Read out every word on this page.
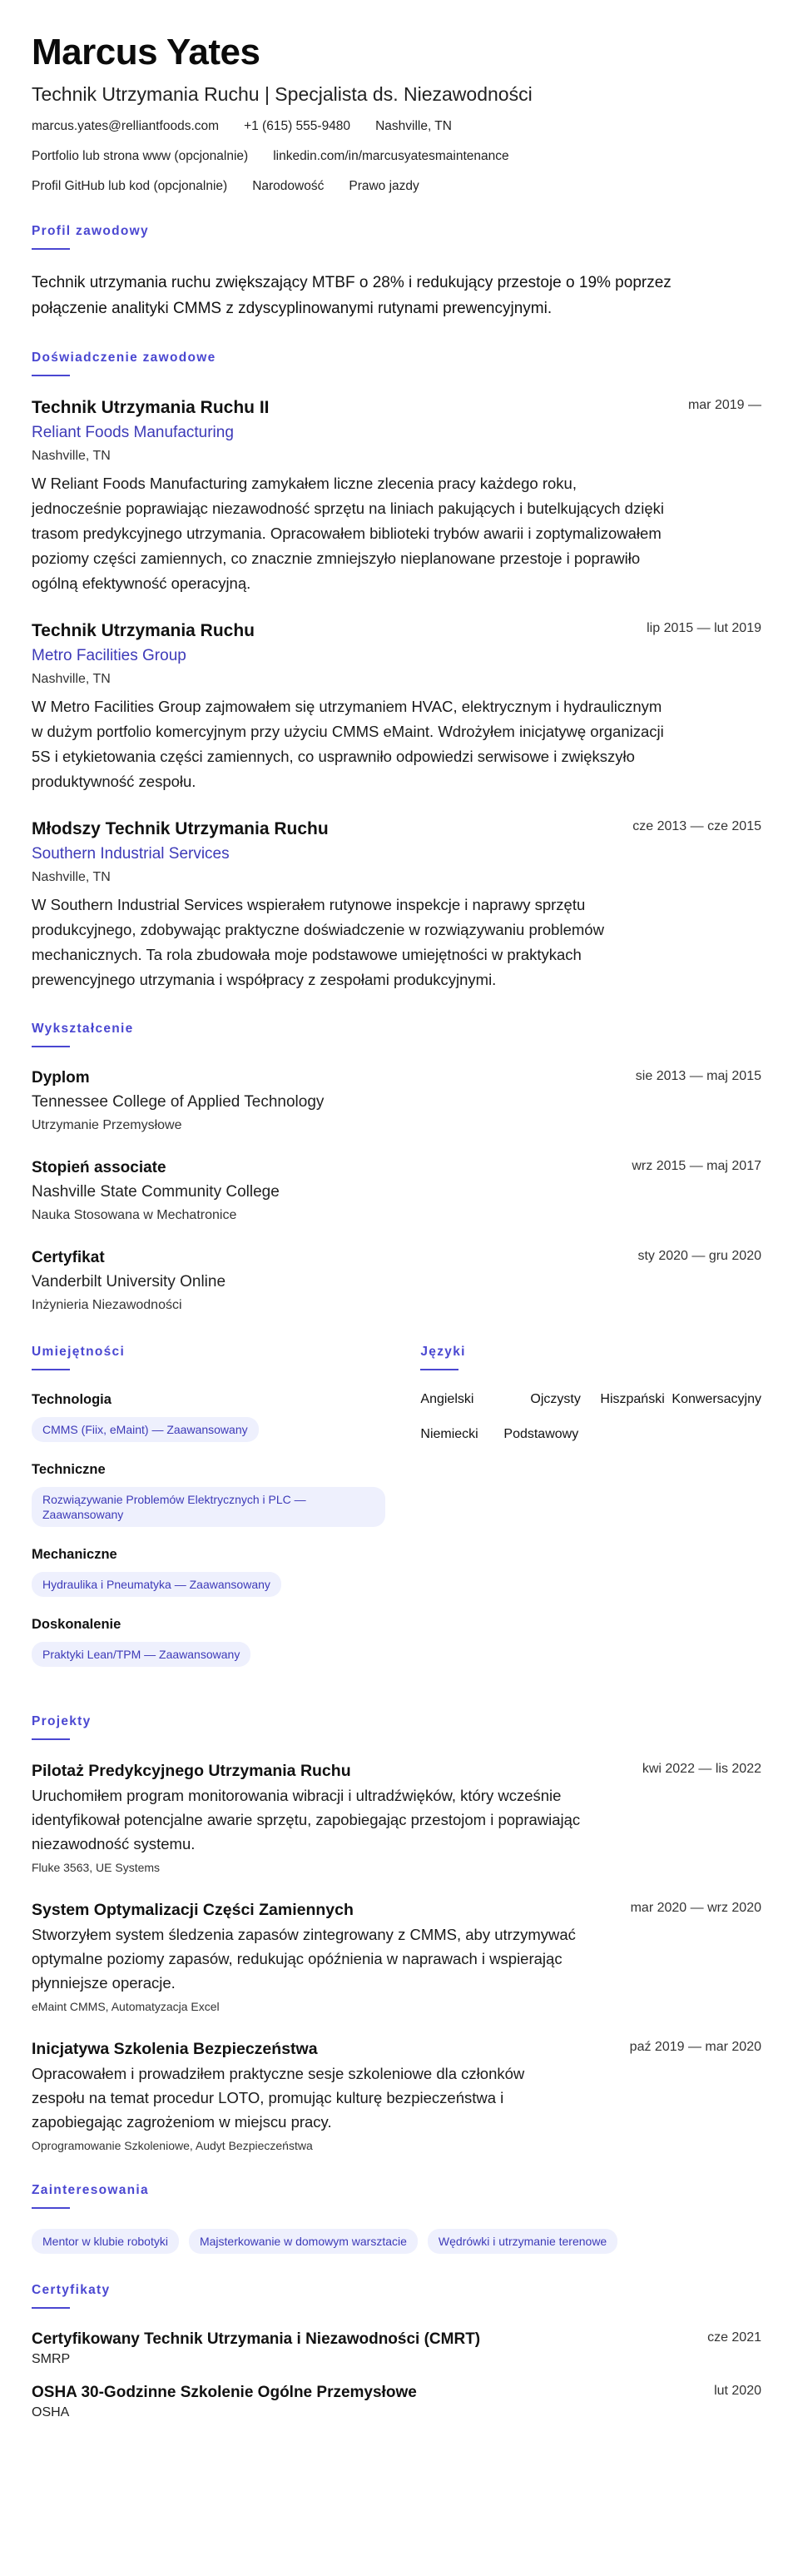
Marcus Yates
Technik Utrzymania Ruchu | Specjalista ds. Niezawodności
marcus.yates@relliantfoods.com +1 (615) 555-9480 Nashville, TN
Portfolio lub strona www (opcjonalnie) linkedin.com/in/marcusyatesmaintenance
Profil GitHub lub kod (opcjonalnie) Narodowość Prawo jazdy
Profil zawodowy
Technik utrzymania ruchu zwiększający MTBF o 28% i redukujący przestoje o 19% poprzez połączenie analityki CMMS z zdyscyplinowanymi rutynami prewencyjnymi.
Doświadczenie zawodowe
mar 2019 —
Technik Utrzymania Ruchu II
Reliant Foods Manufacturing
Nashville, TN
W Reliant Foods Manufacturing zamykałem liczne zlecenia pracy każdego roku, jednocześnie poprawiając niezawodność sprzętu na liniach pakujących i butelkujących dzięki trasom predykcyjnego utrzymania. Opracowałem biblioteki trybów awarii i zoptymalizowałem poziomy części zamiennych, co znacznie zmniejszyło nieplanowane przestoje i poprawiło ogólną efektywność operacyjną.
lip 2015 — lut 2019
Technik Utrzymania Ruchu
Metro Facilities Group
Nashville, TN
W Metro Facilities Group zajmowałem się utrzymaniem HVAC, elektrycznym i hydraulicznym w dużym portfolio komercyjnym przy użyciu CMMS eMaint. Wdrożyłem inicjatywę organizacji 5S i etykietowania części zamiennych, co usprawniło odpowiedzi serwisowe i zwiększyło produktywność zespołu.
cze 2013 — cze 2015
Młodszy Technik Utrzymania Ruchu
Southern Industrial Services
Nashville, TN
W Southern Industrial Services wspierałem rutynowe inspekcje i naprawy sprzętu produkcyjnego, zdobywając praktyczne doświadczenie w rozwiązywaniu problemów mechanicznych. Ta rola zbudowała moje podstawowe umiejętności w praktykach prewencyjnego utrzymania i współpracy z zespołami produkcyjnymi.
Wykształcenie
sie 2013 — maj 2015
Dyplom
Tennessee College of Applied Technology
Utrzymanie Przemysłowe
wrz 2015 — maj 2017
Stopień associate
Nashville State Community College
Nauka Stosowana w Mechatronice
sty 2020 — gru 2020
Certyfikat
Vanderbilt University Online
Inżynieria Niezawodności
Umiejętności
Technologia
CMMS (Fiix, eMaint) — Zaawansowany
Techniczne
Rozwiązywanie Problemów Elektrycznych i PLC — Zaawansowany
Mechaniczne
Hydraulika i Pneumatyka — Zaawansowany
Doskonalenie
Praktyki Lean/TPM — Zaawansowany
Języki
Angielski	Ojczysty	Hiszpański Konwersacyjny
Niemiecki	Podstawowy
Projekty
kwi 2022 — lis 2022
Pilotaż Predykcyjnego Utrzymania Ruchu
Uruchomiłem program monitorowania wibracji i ultradźwięków, który wcześnie identyfikował potencjalne awarie sprzętu, zapobiegając przestojom i poprawiając niezawodność systemu.
Fluke 3563, UE Systems
mar 2020 — wrz 2020
System Optymalizacji Części Zamiennych
Stworzyłem system śledzenia zapasów zintegrowany z CMMS, aby utrzymywać optymalne poziomy zapasów, redukując opóźnienia w naprawach i wspierając płynniejsze operacje.
eMaint CMMS, Automatyzacja Excel
paź 2019 — mar 2020
Inicjatywa Szkolenia Bezpieczeństwa
Opracowałem i prowadziłem praktyczne sesje szkoleniowe dla członków zespołu na temat procedur LOTO, promując kulturę bezpieczeństwa i zapobiegając zagrożeniom w miejscu pracy.
Oprogramowanie Szkoleniowe, Audyt Bezpieczeństwa
Zainteresowania
Mentor w klubie robotyki	Majsterkowanie w domowym warsztacie	Wędrówki i utrzymanie terenowe
Certyfikaty
cze 2021
Certyfikowany Technik Utrzymania i Niezawodności (CMRT)
SMRP
lut 2020
OSHA 30-Godzinne Szkolenie Ogólne Przemysłowe
OSHA
